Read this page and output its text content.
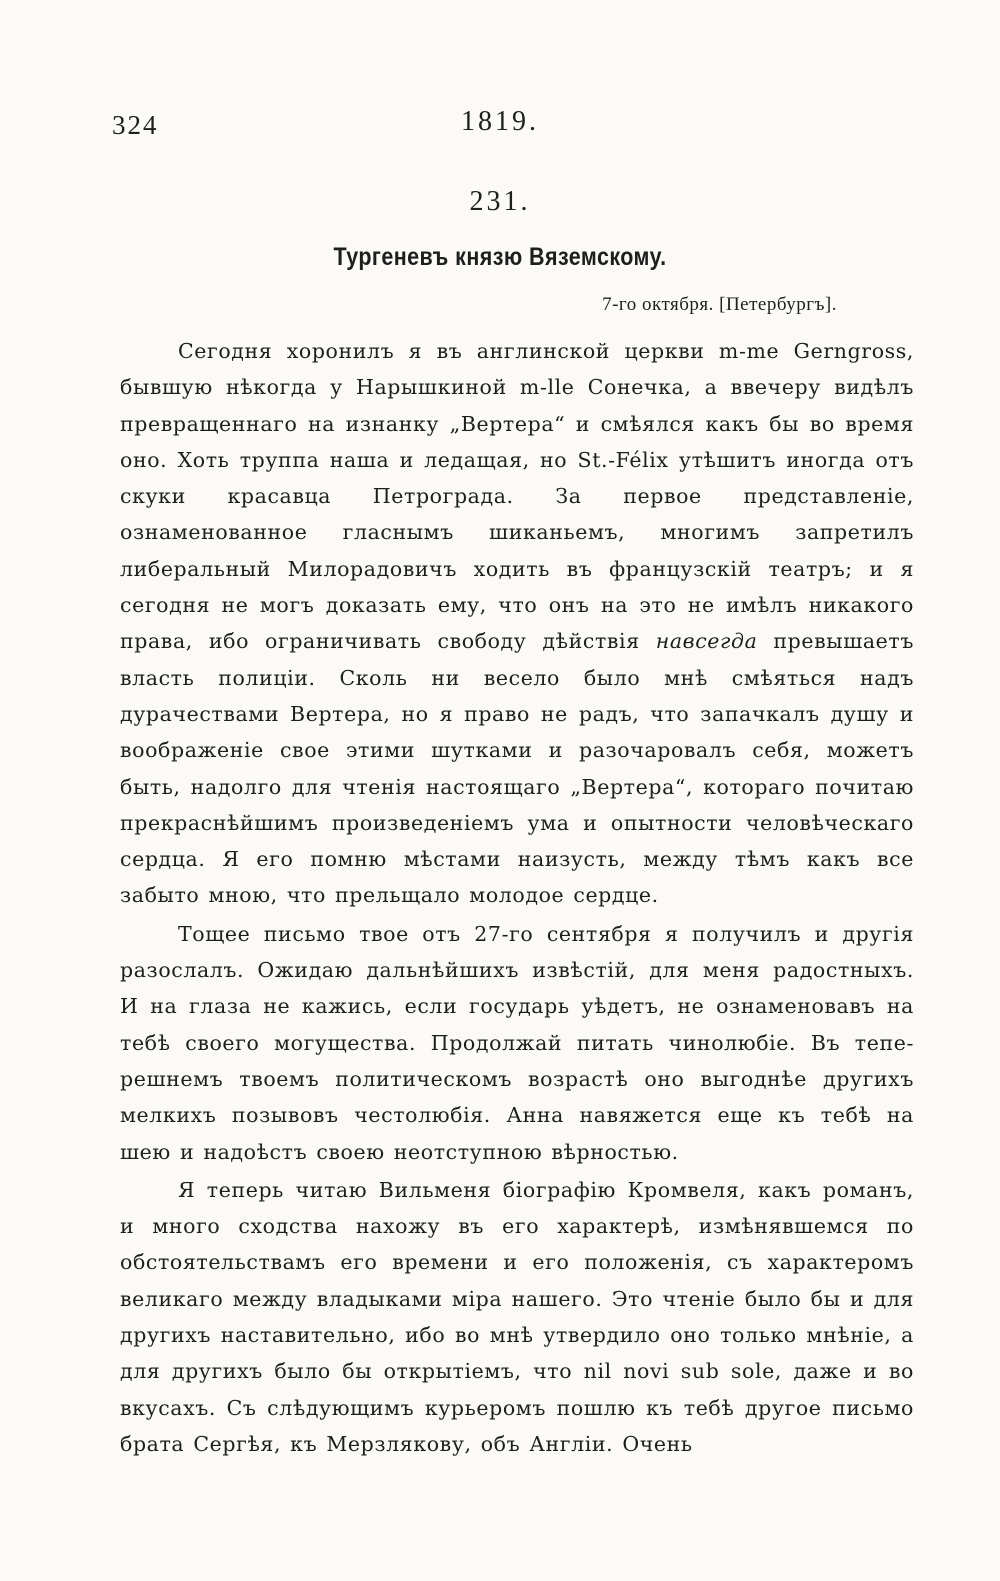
324	1819.
231.
Тургеневъ князю Вяземскому.
7-го октября. [Петербургъ].

Сегодня хоронилъ я въ англинской церкви m-me Gerngross, бывшую нѣкогда у Нарышкиной m-lle Сонечка, а ввечеру видѣлъ превращеннаго на изнанку „Вертера“ и смѣялся какъ бы во время оно. Хоть труппа наша и ледащая, но St.-Félix утѣшитъ иногда отъ скуки красавца Петрограда. За первое представленіе, ознаменованное гласнымъ шиканьемъ, многимъ запретилъ либеральный Милорадовичъ ходить въ французскій театръ; и я сегодня не могъ доказать ему, что онъ на это не имѣлъ никакого права, ибо ограничивать свободу дѣйствія навсегда превышаетъ власть полиціи. Сколь ни весело было мнѣ смѣяться надъ дурачествами Вертера, но я право не радъ, что запачкалъ душу и воображеніе свое этими шутками и разочаровалъ себя, можетъ быть, надолго для чтенія настоящаго „Вертера“, котораго почитаю прекраснѣйшимъ произведеніемъ ума и опытности человѣческаго сердца. Я его помню мѣстами наизусть, между тѣмъ какъ все забыто мною, что прельщало молодое сердце.

Тощее письмо твое отъ 27-го сентября я получилъ и другія разослалъ. Ожидаю дальнѣйшихъ извѣстій, для меня радостныхъ. И на глаза не кажись, если государь уѣдетъ, не ознаменовавъ на тебѣ своего могущества. Продолжай питать чинолюбіе. Въ тепе-решнемъ твоемъ политическомъ возрастѣ оно выгоднѣе другихъ мелкихъ позывовъ честолюбія. Анна навяжется еще къ тебѣ на шею и надоѣстъ своею неотступною вѣрностью.

Я теперь читаю Вильменя біографію Кромвеля, какъ романъ, и много сходства нахожу въ его характерѣ, измѣнявшемся по обстоятельствамъ его времени и его положенія, съ характеромъ великаго между владыками міра нашего. Это чтеніе было бы и для другихъ наставительно, ибо во мнѣ утвердило оно только мнѣніе, а для другихъ было бы открытіемъ, что nil novi sub sole, даже и во вкусахъ. Съ слѣдующимъ курьеромъ пошлю къ тебѣ другое письмо брата Сергѣя, къ Мерзлякову, объ Англіи. Очень
